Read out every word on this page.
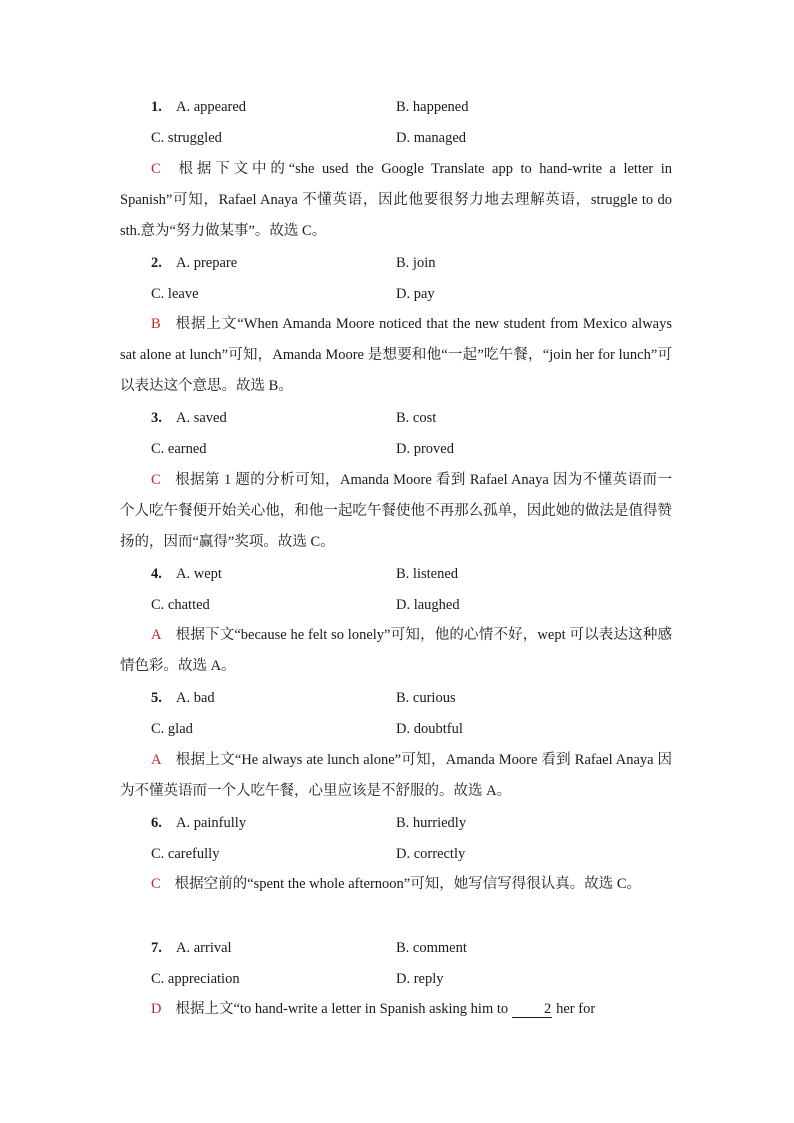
1. A. appeared	B. happened
C. struggled	D. managed
C 根据下文中的“she used the Google Translate app to hand-write a letter in Spanish”可知，Rafael Anaya 不懂英语，因此他要很努力地去理解英语，struggle to do sth.意为“努力做某事”。故选 C。
2. A. prepare	B. join
C. leave	D. pay
B 根据上文“When Amanda Moore noticed that the new student from Mexico always sat alone at lunch”可知，Amanda Moore 是想要和他“一起”吃午餐，“join her for lunch”可以表达这个意思。故选 B。
3. A. saved	B. cost
C. earned	D. proved
C 根据第 1 题的分析可知，Amanda Moore 看到 Rafael Anaya 因为不懂英语而一个人吃午餐便开始关心他，和他一起吃午餐使他不再那么孤单，因此她的做法是值得赞扬的，因而“赢得”奖项。故选 C。
4. A. wept	B. listened
C. chatted	D. laughed
A 根据下文“because he felt so lonely”可知，他的心情不好，wept 可以表达这种感情色彩。故选 A。
5. A. bad	B. curious
C. glad	D. doubtful
A 根据上文“He always ate lunch alone”可知，Amanda Moore 看到 Rafael Anaya 因为不懂英语而一个人吃午餐，心里应该是不舒服的。故选 A。
6. A. painfully	B. hurriedly
C. carefully	D. correctly
C 根据空前的“spent the whole afternoon”可知，她写信写得很认真。故选 C。
7. A. arrival	B. comment
C. appreciation	D. reply
D 根据上文“to hand-write a letter in Spanish asking him to 2 her for
